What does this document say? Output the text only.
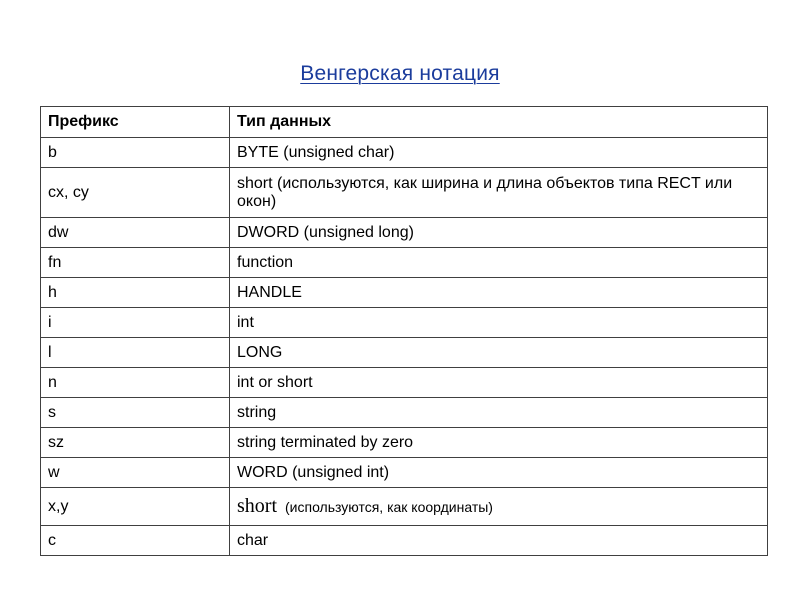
Венгерская нотация
Префикс	Тип данных
b	BYTE (unsigned char)
cx, cy	short (используются, как ширина и длина объектов типа RECT или окон)
dw	DWORD (unsigned long)
fn	function
h	HANDLE
i	int
l	LONG
n	int or short
s	string
sz	string terminated by zero
w	WORD (unsigned int)
x,y	short (используются, как координаты)
c	char
